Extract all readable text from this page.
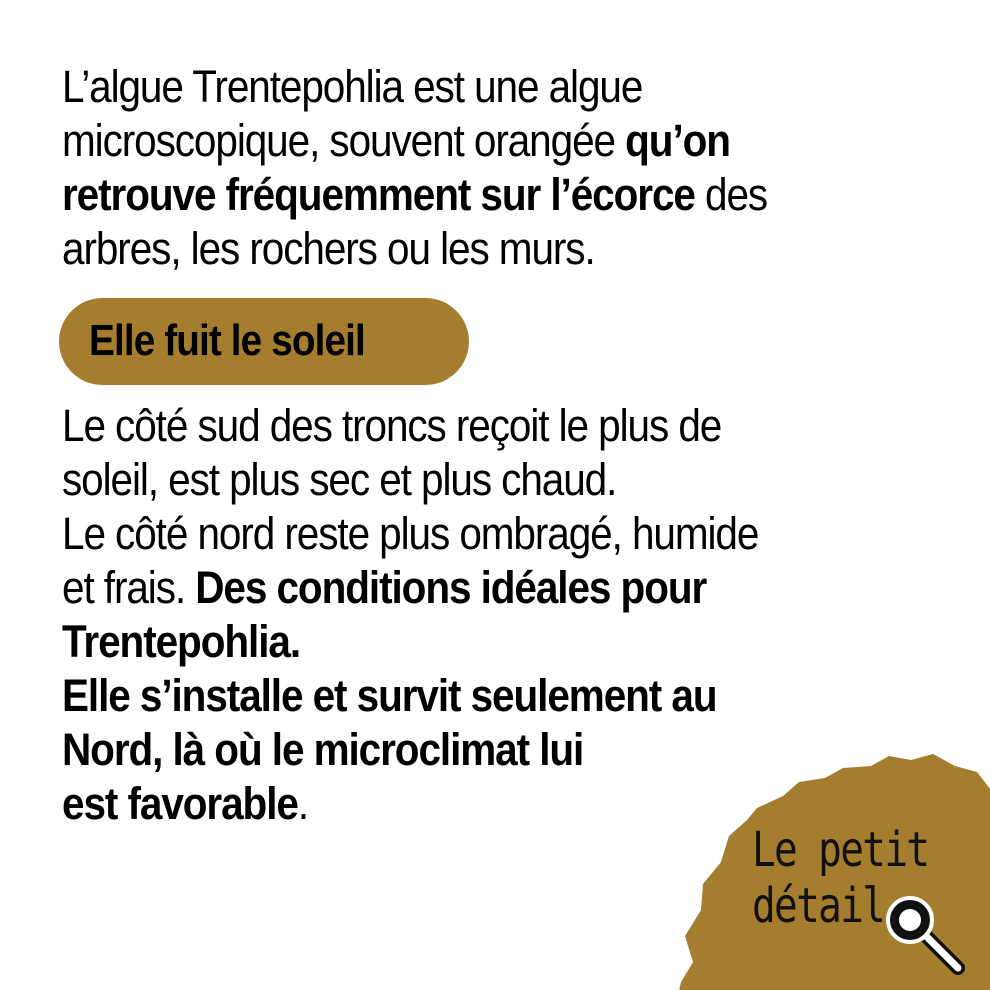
L’algue Trentepohlia est une algue
microscopique, souvent orangée qu’on
retrouve fréquemment sur l’écorce des
arbres, les rochers ou les murs.

Elle fuit le soleil

Le côté sud des troncs reçoit le plus de
soleil, est plus sec et plus chaud.
Le côté nord reste plus ombragé, humide
et frais. Des conditions idéales pour
Trentepohlia.
Elle s’installe et survit seulement au
Nord, là où le microclimat lui
est favorable.

Le petit
détail
